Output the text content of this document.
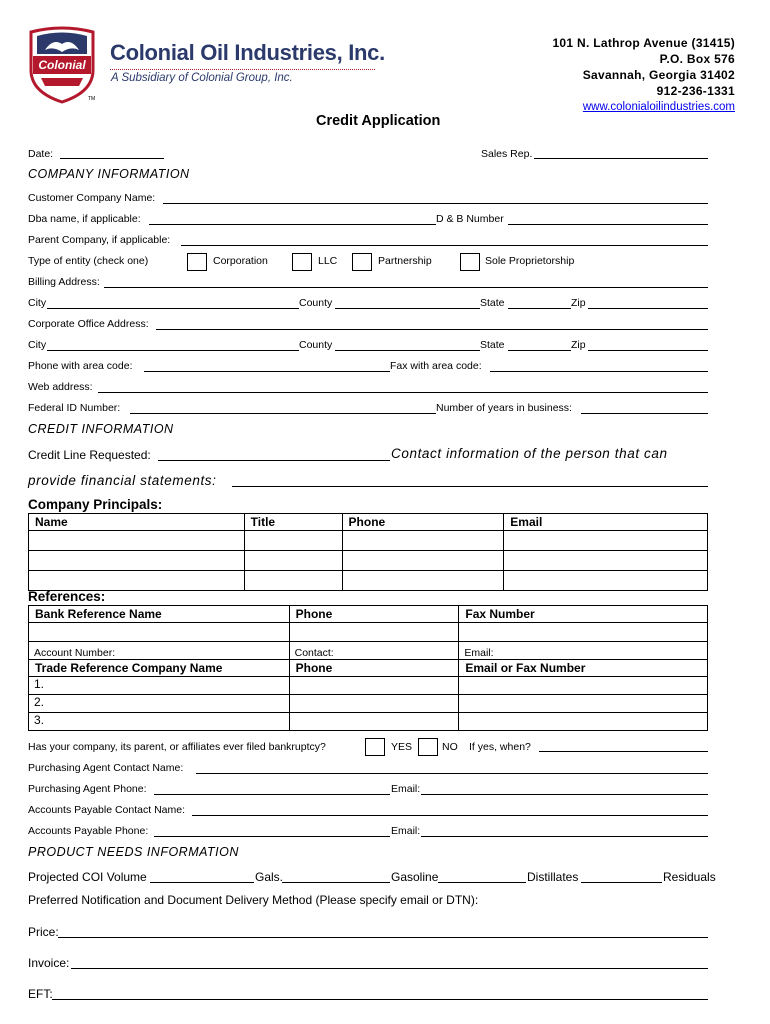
Colonial
TM
Colonial Oil Industries, Inc.
A Subsidiary of Colonial Group, Inc.
101 N. Lathrop Avenue (31415)
P.O. Box 576
Savannah, Georgia 31402
912-236-1331
www.colonialoilindustries.com
Credit Application
Date:	Sales Rep.
COMPANY INFORMATION
Customer Company Name:
Dba name, if applicable:	D & B Number
Parent Company, if applicable:
Type of entity (check one)	Corporation	LLC	Partnership	Sole Proprietorship
Billing Address:
City	County	State	Zip
Corporate Office Address:
City	County	State	Zip
Phone with area code:	Fax with area code:
Web address:
Federal ID Number:	Number of years in business:
CREDIT INFORMATION
Credit Line Requested:	Contact information of the person that can
provide financial statements:
Company Principals:
Name	Title	Phone	Email

References:
Bank Reference Name	Phone	Fax Number

Account Number:	Contact:	Email:
Trade Reference Company Name	Phone	Email or Fax Number
1.		
2.		
3.		
Has your company, its parent, or affiliates ever filed bankruptcy?	YES	NO If yes, when?
Purchasing Agent Contact Name:
Purchasing Agent Phone:	Email:
Accounts Payable Contact Name:
Accounts Payable Phone:	Email:
PRODUCT NEEDS INFORMATION
Projected COI Volume	Gals.	Gasoline	Distillates	Residuals
Preferred Notification and Document Delivery Method (Please specify email or DTN):
Price:
Invoice:
EFT:
